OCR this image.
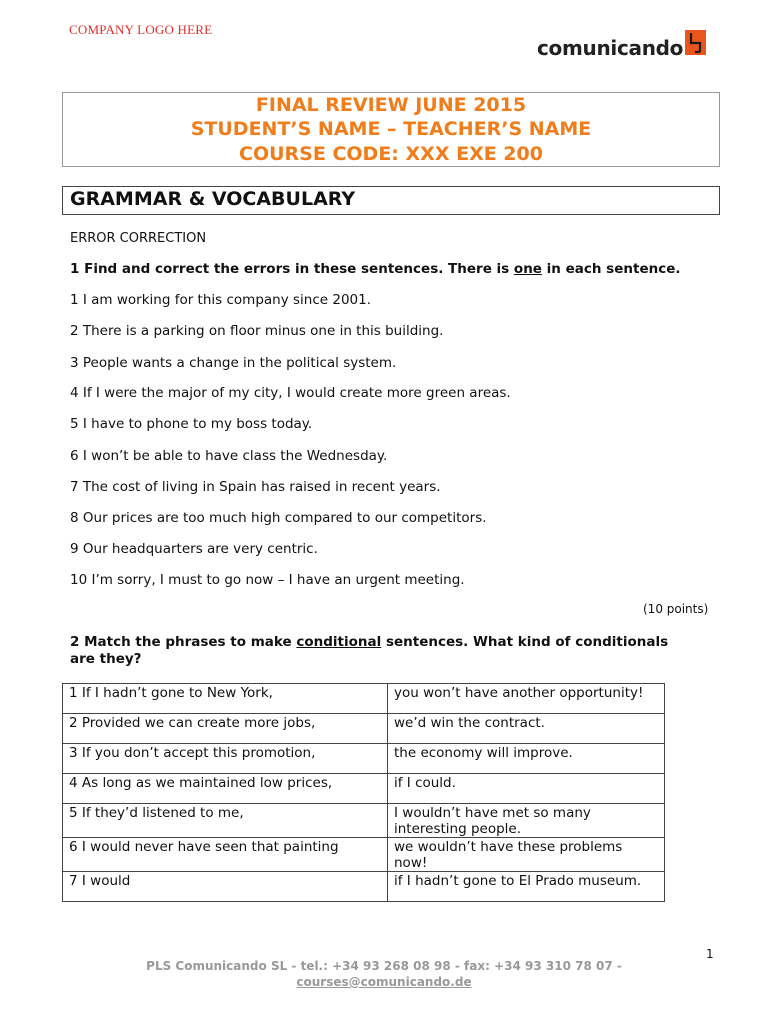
COMPANY LOGO HERE
comunicando
FINAL REVIEW JUNE 2015
STUDENT’S NAME – TEACHER’S NAME
COURSE CODE: XXX EXE 200
GRAMMAR & VOCABULARY
ERROR CORRECTION
1 Find and correct the errors in these sentences. There is one in each sentence.
1 I am working for this company since 2001.
2 There is a parking on floor minus one in this building.
3 People wants a change in the political system.
4 If I were the major of my city, I would create more green areas.
5 I have to phone to my boss today.
6 I won’t be able to have class the Wednesday.
7 The cost of living in Spain has raised in recent years.
8 Our prices are too much high compared to our competitors.
9 Our headquarters are very centric.
10 I’m sorry, I must to go now – I have an urgent meeting.
(10 points)
2 Match the phrases to make conditional sentences. What kind of conditionals
are they?
1 If I hadn’t gone to New York,	you won’t have another opportunity!
2 Provided we can create more jobs,	we’d win the contract.
3 If you don’t accept this promotion,	the economy will improve.
4 As long as we maintained low prices,	if I could.
5 If they’d listened to me,	I wouldn’t have met so many interesting people.
6 I would never have seen that painting	we wouldn’t have these problems now!
7 I would	if I hadn’t gone to El Prado museum.
1
PLS Comunicando SL - tel.: +34 93 268 08 98 - fax: +34 93 310 78 07 -
courses@comunicando.de
